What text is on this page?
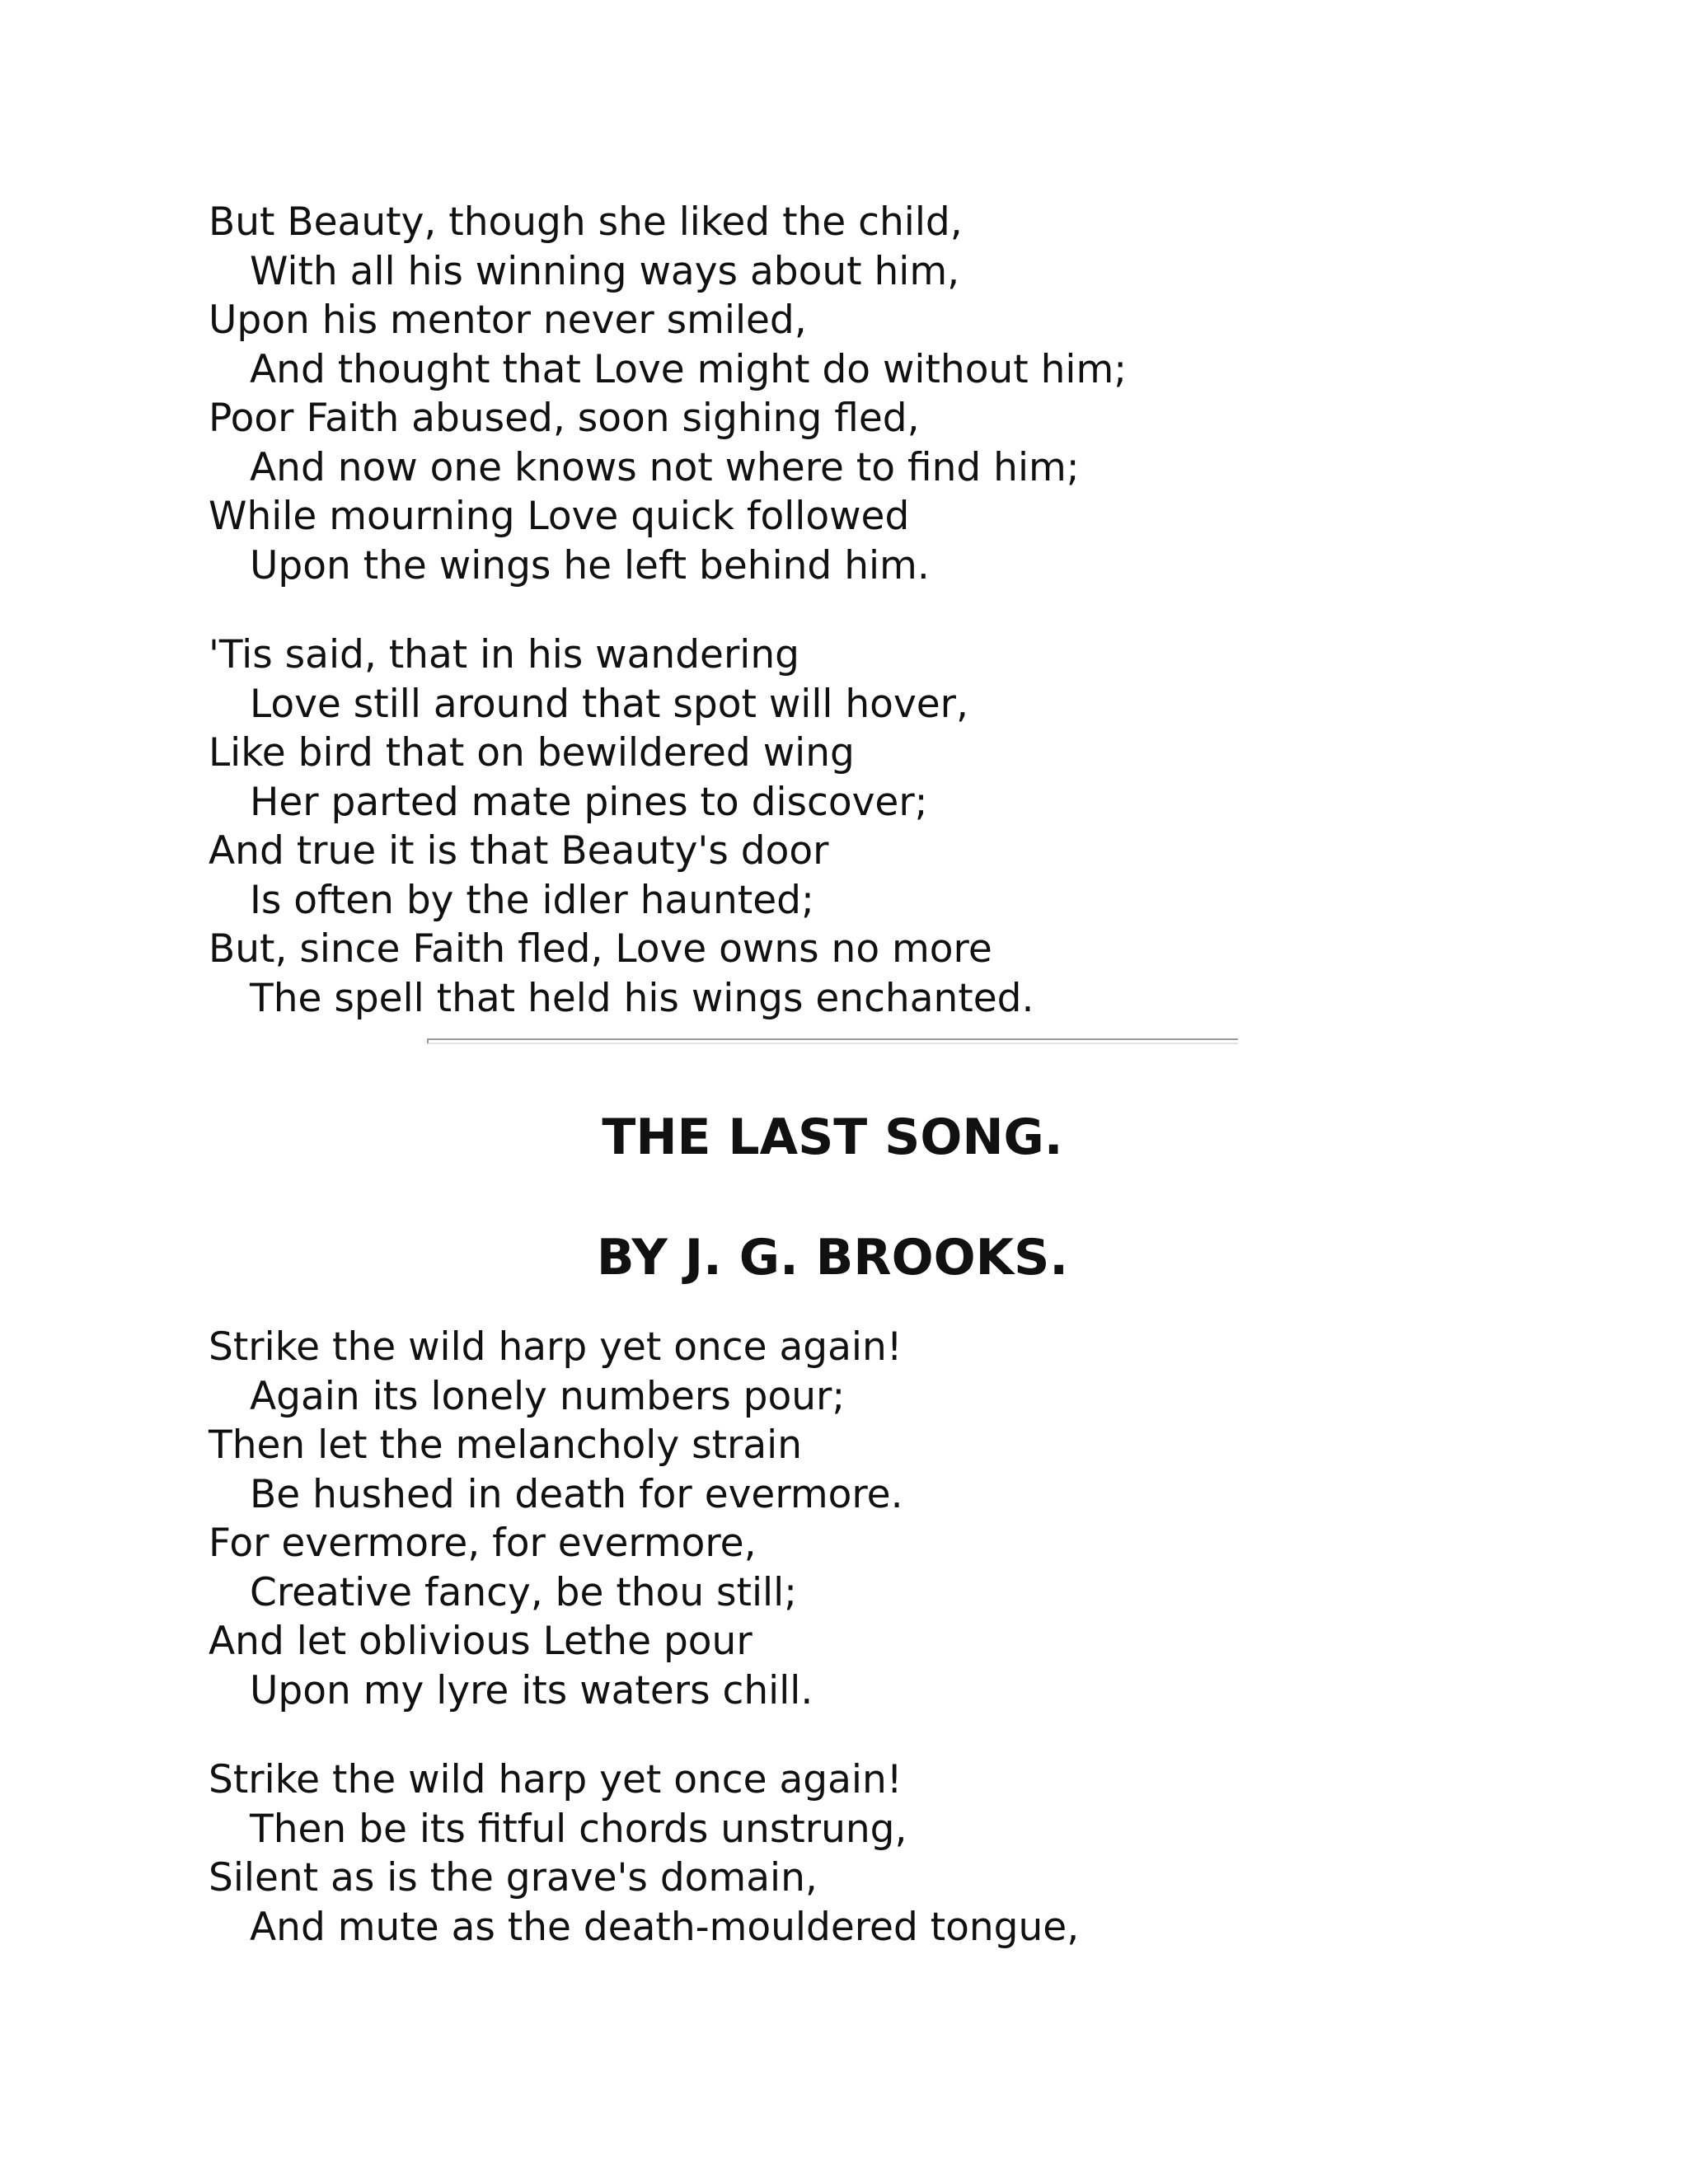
But Beauty, though she liked the child,
With all his winning ways about him,
Upon his mentor never smiled,
And thought that Love might do without him;
Poor Faith abused, soon sighing fled,
And now one knows not where to find him;
While mourning Love quick followed
Upon the wings he left behind him.
'Tis said, that in his wandering
Love still around that spot will hover,
Like bird that on bewildered wing
Her parted mate pines to discover;
And true it is that Beauty's door
Is often by the idler haunted;
But, since Faith fled, Love owns no more
The spell that held his wings enchanted.
THE LAST SONG.
BY J. G. BROOKS.
Strike the wild harp yet once again!
Again its lonely numbers pour;
Then let the melancholy strain
Be hushed in death for evermore.
For evermore, for evermore,
Creative fancy, be thou still;
And let oblivious Lethe pour
Upon my lyre its waters chill.
Strike the wild harp yet once again!
Then be its fitful chords unstrung,
Silent as is the grave's domain,
And mute as the death-mouldered tongue,
